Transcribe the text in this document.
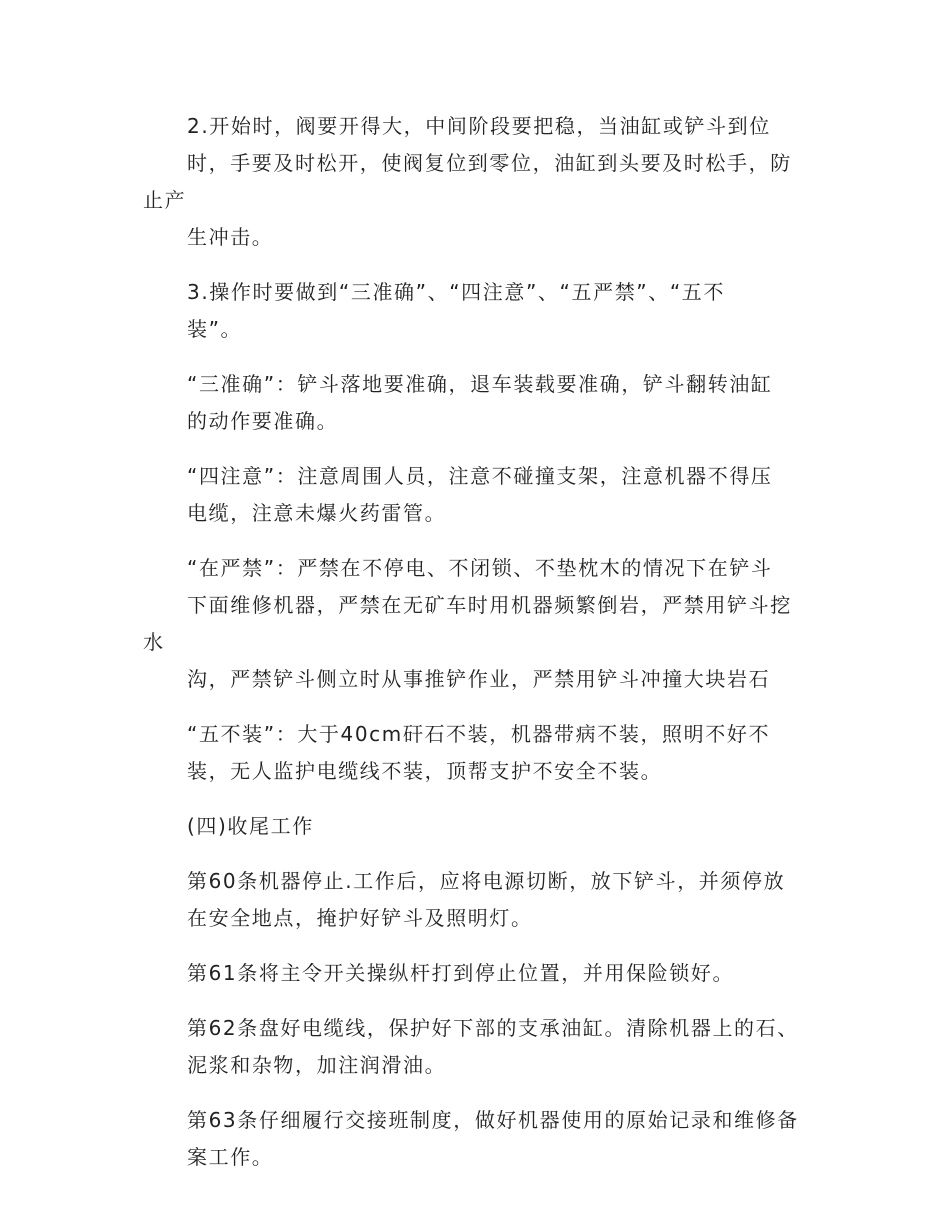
2.开始时，阀要开得大，中间阶段要把稳，当油缸或铲斗到位
时，手要及时松开，使阀复位到零位，油缸到头要及时松手，防止产
生冲击。

3.操作时要做到“三准确”、“四注意”、“五严禁”、“五不
装”。

“三准确”：铲斗落地要准确，退车装载要准确，铲斗翻转油缸
的动作要准确。

“四注意”：注意周围人员，注意不碰撞支架，注意机器不得压
电缆，注意未爆火药雷管。

“在严禁”：严禁在不停电、不闭锁、不垫枕木的情况下在铲斗
下面维修机器，严禁在无矿车时用机器频繁倒岩，严禁用铲斗挖水
沟，严禁铲斗侧立时从事推铲作业，严禁用铲斗冲撞大块岩石

“五不装”：大于40cm矸石不装，机器带病不装，照明不好不
装，无人监护电缆线不装，顶帮支护不安全不装。

(四)收尾工作

第60条机器停止.工作后，应将电源切断，放下铲斗，并须停放
在安全地点，掩护好铲斗及照明灯。

第61条将主令开关操纵杆打到停止位置，并用保险锁好。

第62条盘好电缆线，保护好下部的支承油缸。清除机器上的石、
泥浆和杂物，加注润滑油。

第63条仔细履行交接班制度，做好机器使用的原始记录和维修备
案工作。
